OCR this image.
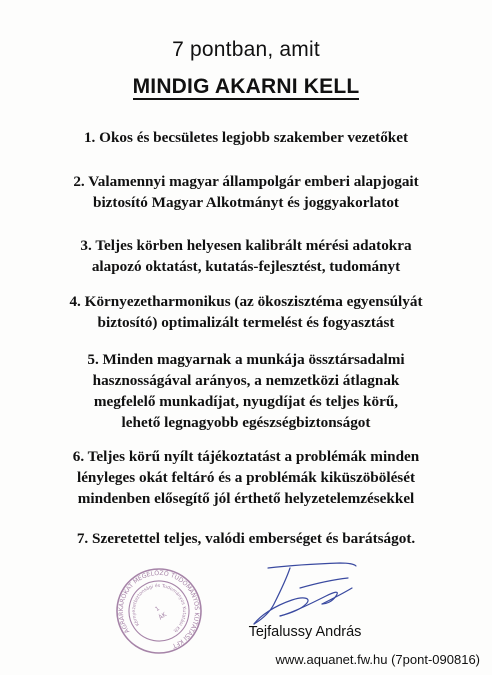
7 pontban, amit
MINDIG AKARNI KELL
1. Okos és becsületes legjobb szakember vezetőket
2. Valamennyi magyar állampolgár emberi alapjogait
biztosító Magyar Alkotmányt és joggyakorlatot
3. Teljes körben helyesen kalibrált mérési adatokra
alapozó oktatást, kutatás-fejlesztést, tudományt
4. Környezetharmonikus (az ökoszisztéma egyensúlyát
biztosító) optimalizált termelést és fogyasztást
5. Minden magyarnak a munkája össztársadalmi
hasznosságával arányos, a nemzetközi átlagnak
megfelelő munkadíjat, nyugdíjat és teljes körű,
lehető legnagyobb egészségbiztonságot
6. Teljes körű nyílt tájékoztatást a problémák minden
lényleges okát feltáró és a problémák kiküszöbölését
mindenben elősegítő jól érthető helyzetelemzésekkel
7. Szeretettel teljes, valódi emberséget és barátságot.
AGRÁRKÁROKAT MEGELŐZŐ TUDOMÁNYOS KUTATÁSI KFT
Környezetbiztonsági és Tudományos Kutatási Kft
1
ÁK
Tejfalussy András
www.aquanet.fw.hu (7pont-090816)
